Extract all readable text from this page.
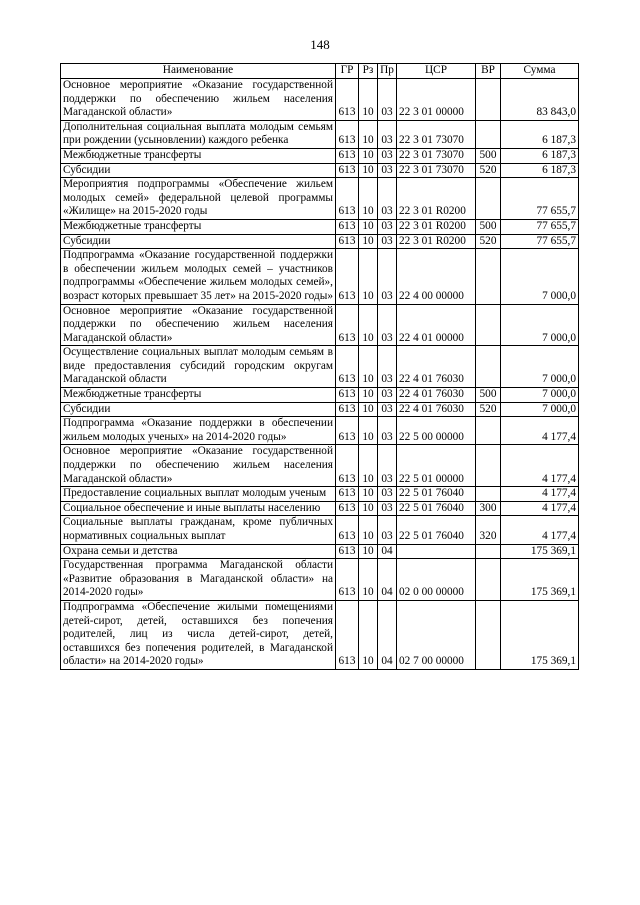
148
Наименование	ГР	Рз	Пр	ЦСР	ВР	Сумма
Основное мероприятие «Оказание государственной поддержки по обеспечению жильем населения Магаданской области»	613	10	03	22 3 01 00000		83 843,0
Дополнительная социальная выплата молодым семьям при рождении (усыновлении) каждого ребенка	613	10	03	22 3 01 73070		6 187,3
Межбюджетные трансферты	613	10	03	22 3 01 73070	500	6 187,3
Субсидии	613	10	03	22 3 01 73070	520	6 187,3
Мероприятия подпрограммы «Обеспечение жильем молодых семей» федеральной целевой программы «Жилище» на 2015-2020 годы	613	10	03	22 3 01 R0200		77 655,7
Межбюджетные трансферты	613	10	03	22 3 01 R0200	500	77 655,7
Субсидии	613	10	03	22 3 01 R0200	520	77 655,7
Подпрограмма «Оказание государственной поддержки в обеспечении жильем молодых семей – участников подпрограммы «Обеспечение жильем молодых семей», возраст которых превышает 35 лет» на 2015-2020 годы»	613	10	03	22 4 00 00000		7 000,0
Основное мероприятие «Оказание государственной поддержки по обеспечению жильем населения Магаданской области»	613	10	03	22 4 01 00000		7 000,0
Осуществление социальных выплат молодым семьям в виде предоставления субсидий городским округам Магаданской области	613	10	03	22 4 01 76030		7 000,0
Межбюджетные трансферты	613	10	03	22 4 01 76030	500	7 000,0
Субсидии	613	10	03	22 4 01 76030	520	7 000,0
Подпрограмма «Оказание поддержки в обеспечении жильем молодых ученых» на 2014-2020 годы»	613	10	03	22 5 00 00000		4 177,4
Основное мероприятие «Оказание государственной поддержки по обеспечению жильем населения Магаданской области»	613	10	03	22 5 01 00000		4 177,4
Предоставление социальных выплат молодым ученым	613	10	03	22 5 01 76040		4 177,4
Социальное обеспечение и иные выплаты населению	613	10	03	22 5 01 76040	300	4 177,4
Социальные выплаты гражданам, кроме публичных нормативных социальных выплат	613	10	03	22 5 01 76040	320	4 177,4
Охрана семьи и детства	613	10	04			175 369,1
Государственная программа Магаданской области «Развитие образования в Магаданской области» на 2014-2020 годы»	613	10	04	02 0 00 00000		175 369,1
Подпрограмма «Обеспечение жилыми помещениями детей-сирот, детей, оставшихся без попечения родителей, лиц из числа детей-сирот, детей, оставшихся без попечения родителей, в Магаданской области» на 2014-2020 годы»	613	10	04	02 7 00 00000		175 369,1
